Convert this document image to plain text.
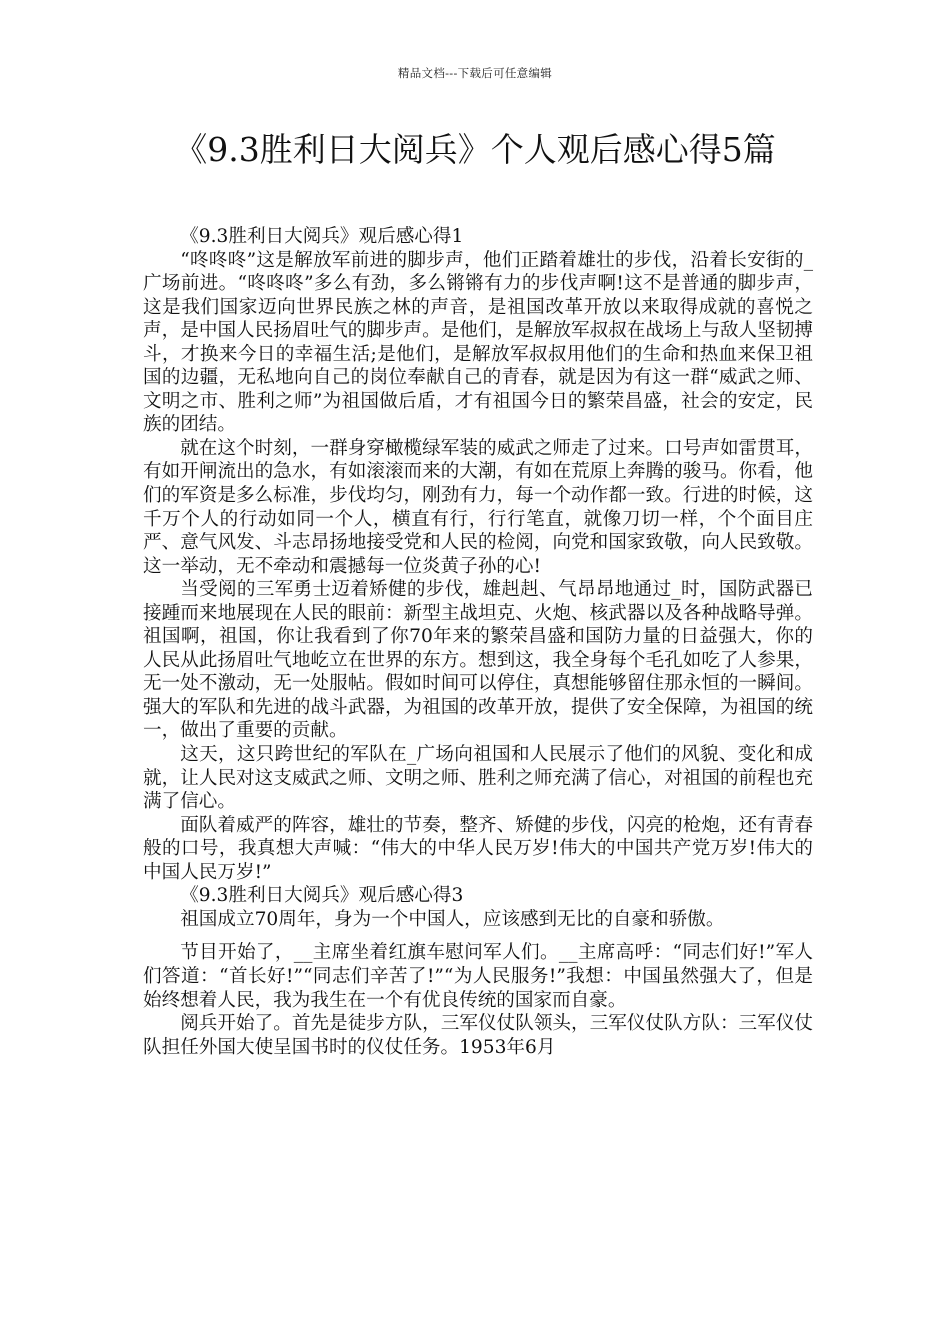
精品文档---下载后可任意编辑
《9.3胜利日大阅兵》个人观后感心得5篇

《9.3胜利日大阅兵》观后感心得1

“咚咚咚”这是解放军前进的脚步声，他们正踏着雄壮的步伐，沿着长安街的_广场前进。“咚咚咚”多么有劲，多么锵锵有力的步伐声啊!这不是普通的脚步声，这是我们国家迈向世界民族之林的声音，是祖国改革开放以来取得成就的喜悦之声，是中国人民扬眉吐气的脚步声。是他们，是解放军叔叔在战场上与敌人坚韧搏斗，才换来今日的幸福生活;是他们，是解放军叔叔用他们的生命和热血来保卫祖国的边疆，无私地向自己的岗位奉献自己的青春，就是因为有这一群“威武之师、文明之市、胜利之师”为祖国做后盾，才有祖国今日的繁荣昌盛，社会的安定，民族的团结。

就在这个时刻，一群身穿橄榄绿军装的威武之师走了过来。口号声如雷贯耳，有如开闸流出的急水，有如滚滚而来的大潮，有如在荒原上奔腾的骏马。你看，他们的军资是多么标准，步伐均匀，刚劲有力，每一个动作都一致。行进的时候，这千万个人的行动如同一个人，横直有行，行行笔直，就像刀切一样，个个面目庄严、意气风发、斗志昂扬地接受党和人民的检阅，向党和国家致敬，向人民致敬。这一举动，无不牵动和震撼每一位炎黄子孙的心!

当受阅的三军勇士迈着矫健的步伐，雄赳赳、气昂昂地通过_时，国防武器已接踵而来地展现在人民的眼前：新型主战坦克、火炮、核武器以及各种战略导弹。祖国啊，祖国，你让我看到了你70年来的繁荣昌盛和国防力量的日益强大，你的人民从此扬眉吐气地屹立在世界的东方。想到这，我全身每个毛孔如吃了人参果，无一处不激动，无一处服帖。假如时间可以停住，真想能够留住那永恒的一瞬间。强大的军队和先进的战斗武器，为祖国的改革开放，提供了安全保障，为祖国的统一，做出了重要的贡献。

这天，这只跨世纪的军队在_广场向祖国和人民展示了他们的风貌、变化和成就，让人民对这支威武之师、文明之师、胜利之师充满了信心，对祖国的前程也充满了信心。

面队着威严的阵容，雄壮的节奏，整齐、矫健的步伐，闪亮的枪炮，还有青春般的口号，我真想大声喊：“伟大的中华人民万岁!伟大的中国共产党万岁!伟大的中国人民万岁!”

《9.3胜利日大阅兵》观后感心得3

祖国成立70周年，身为一个中国人，应该感到无比的自豪和骄傲。

节目开始了，__主席坐着红旗车慰问军人们。__主席高呼：“同志们好!”军人们答道：“首长好!”“同志们辛苦了!”“为人民服务!”我想：中国虽然强大了，但是始终想着人民，我为我生在一个有优良传统的国家而自豪。

阅兵开始了。首先是徒步方队，三军仪仗队领头，三军仪仗队方队：三军仪仗队担任外国大使呈国书时的仪仗任务。1953年6月
